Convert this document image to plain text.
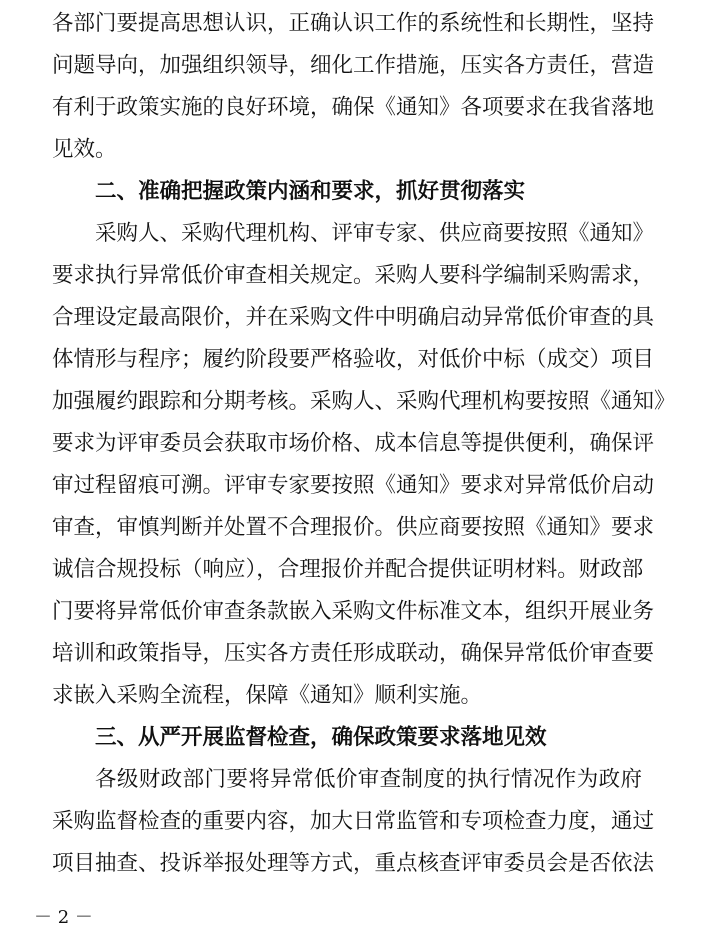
各部门要提高思想认识，正确认识工作的系统性和长期性，坚持
问题导向，加强组织领导，细化工作措施，压实各方责任，营造
有利于政策实施的良好环境，确保《通知》各项要求在我省落地
见效。
二、准确把握政策内涵和要求，抓好贯彻落实
采购人、采购代理机构、评审专家、供应商要按照《通知》
要求执行异常低价审查相关规定。采购人要科学编制采购需求，
合理设定最高限价，并在采购文件中明确启动异常低价审查的具
体情形与程序；履约阶段要严格验收，对低价中标（成交）项目
加强履约跟踪和分期考核。采购人、采购代理机构要按照《通知》
要求为评审委员会获取市场价格、成本信息等提供便利，确保评
审过程留痕可溯。评审专家要按照《通知》要求对异常低价启动
审查，审慎判断并处置不合理报价。供应商要按照《通知》要求
诚信合规投标（响应），合理报价并配合提供证明材料。财政部
门要将异常低价审查条款嵌入采购文件标准文本，组织开展业务
培训和政策指导，压实各方责任形成联动，确保异常低价审查要
求嵌入采购全流程，保障《通知》顺利实施。
三、从严开展监督检查，确保政策要求落地见效
各级财政部门要将异常低价审查制度的执行情况作为政府
采购监督检查的重要内容，加大日常监管和专项检查力度，通过
项目抽查、投诉举报处理等方式，重点核查评审委员会是否依法
－ 2 －
